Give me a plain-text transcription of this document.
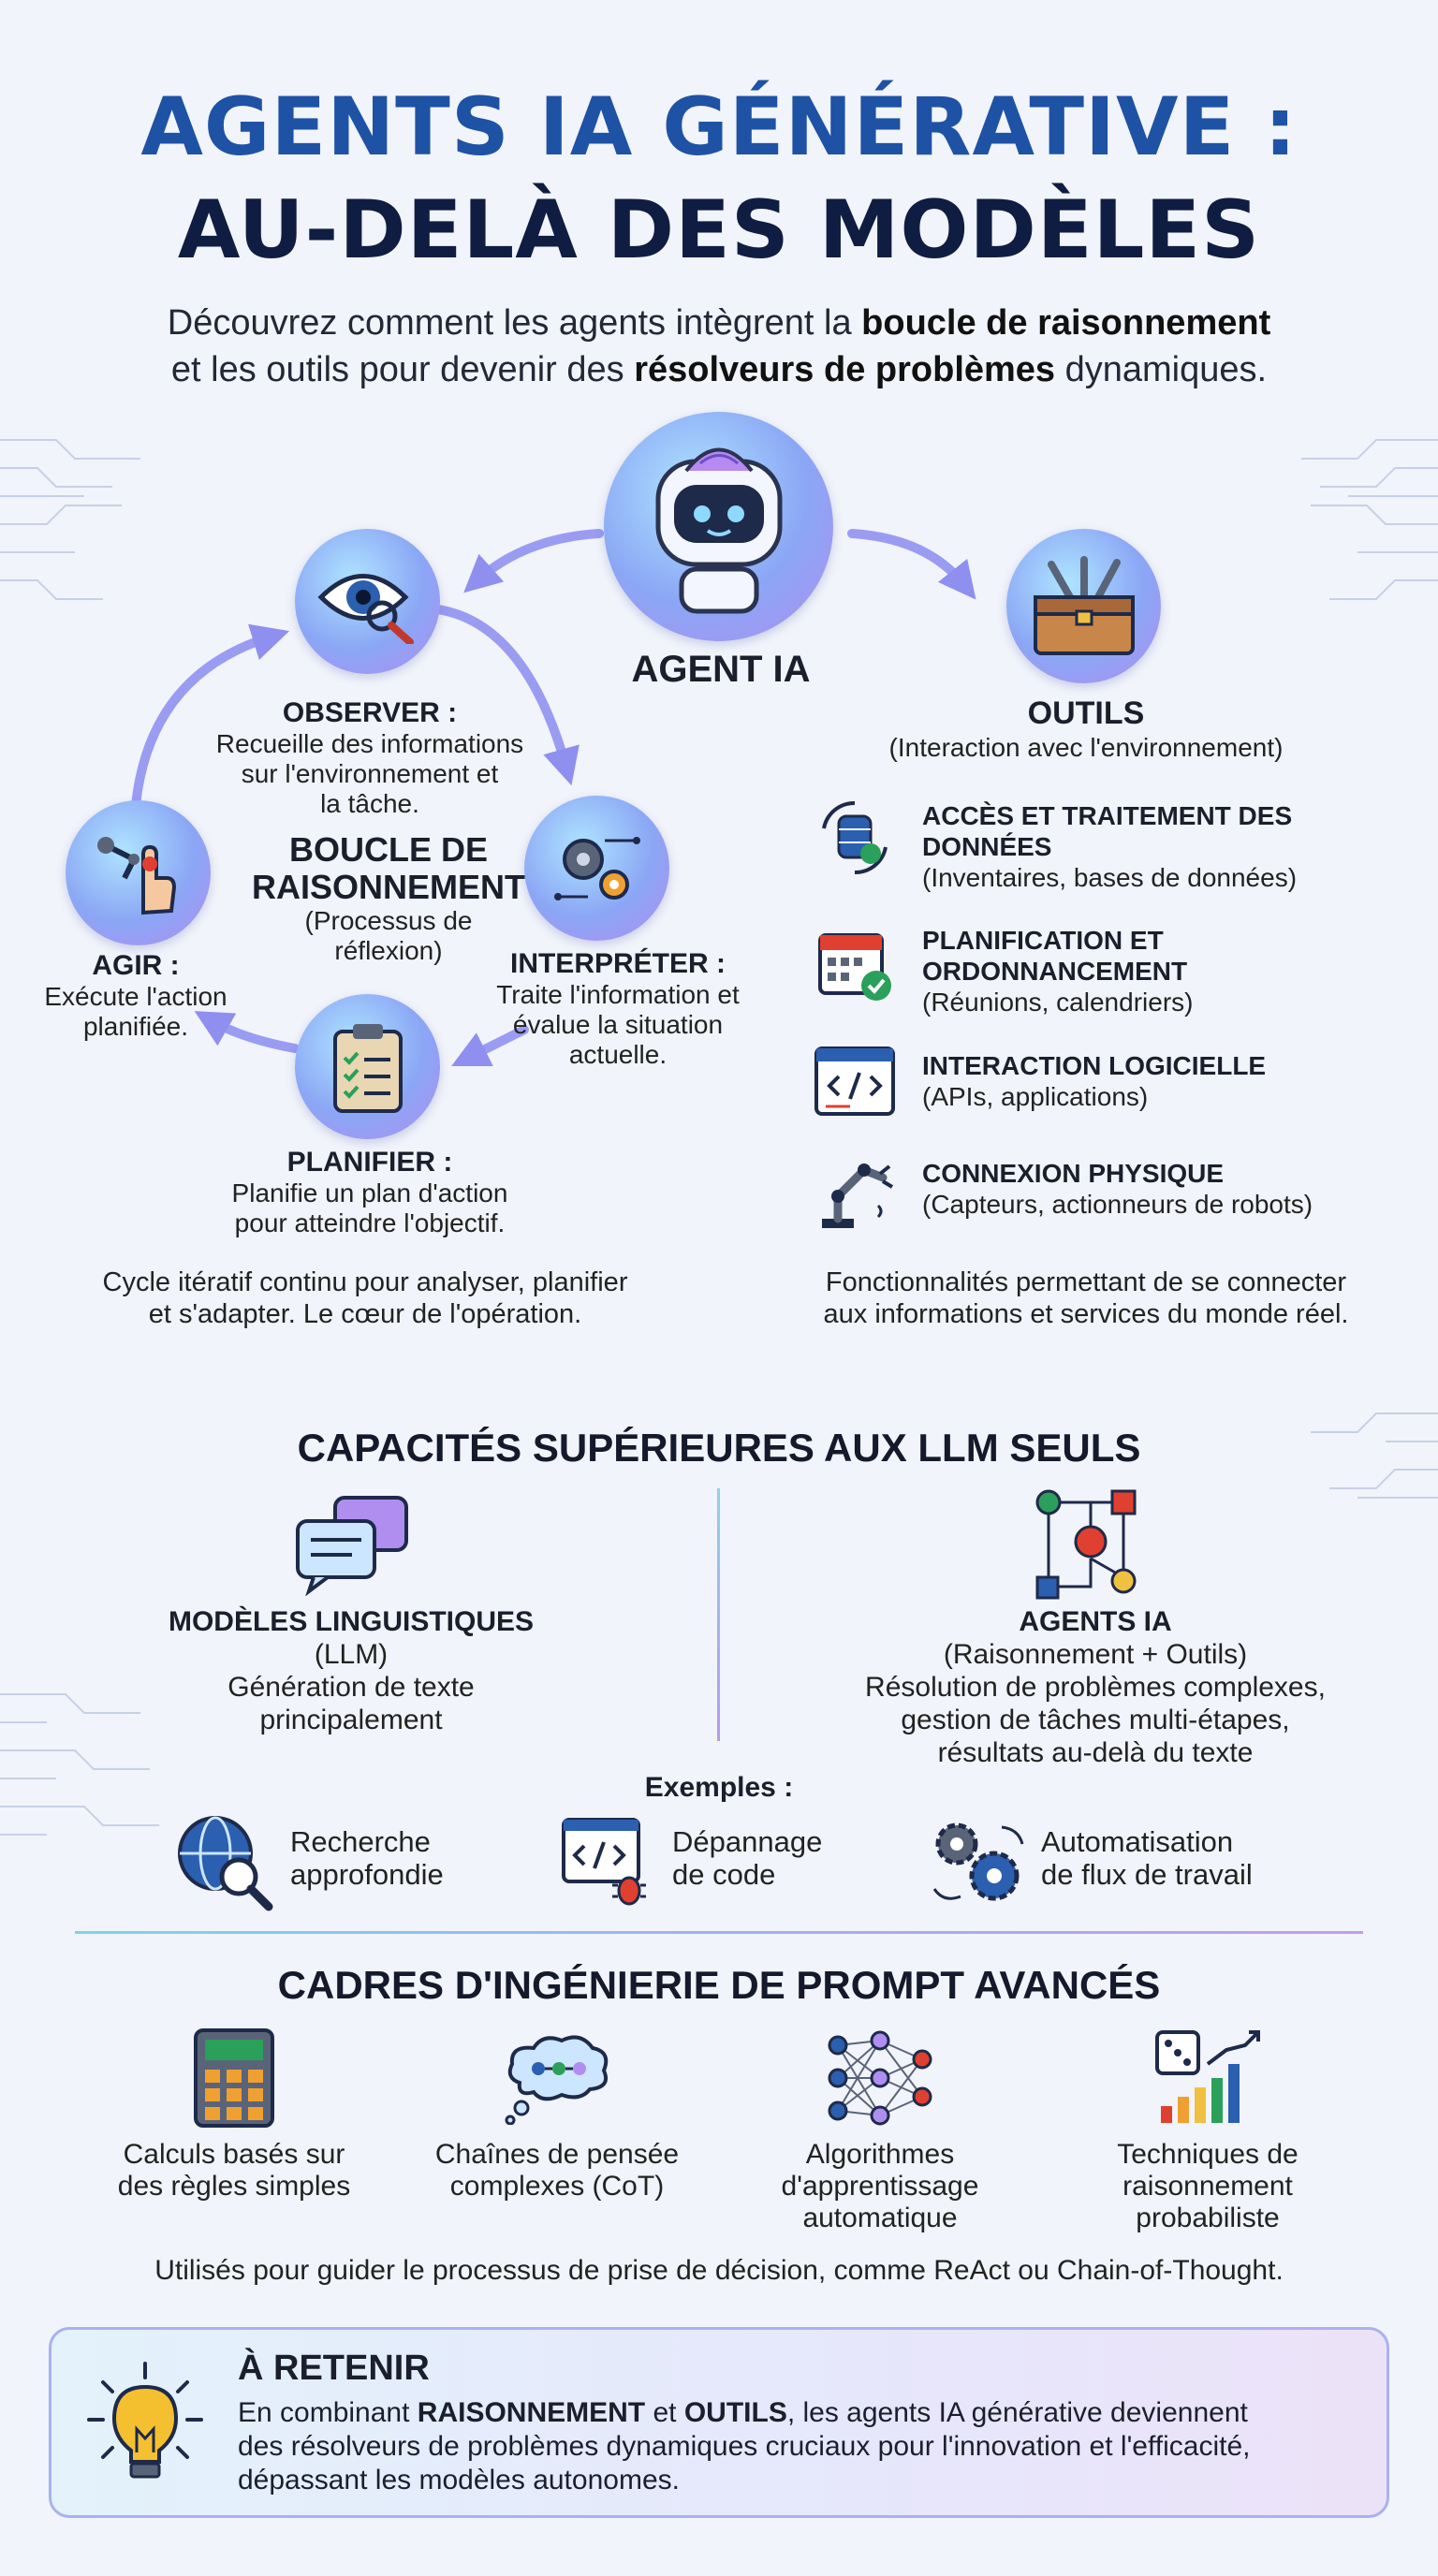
AGENTS IA GÉNÉRATIVE :
AU-DELÀ DES MODÈLES
Découvrez comment les agents intègrent la boucle de raisonnement
et les outils pour devenir des résolveurs de problèmes dynamiques.
AGENT IA
OBSERVER :
Recueille des informations
sur l'environnement et
la tâche.
BOUCLE DE
RAISONNEMENT
(Processus de
réflexion)	INTERPRÉTER :
Traite l'information et
évalue la situation
actuelle.
AGIR :
Exécute l'action
planifiée.
PLANIFIER :
Planifie un plan d'action
pour atteindre l'objectif.
Cycle itératif continu pour analyser, planifier
et s'adapter. Le cœur de l'opération.
OUTILS
(Interaction avec l'environnement)
ACCÈS ET TRAITEMENT DES
DONNÉES
(Inventaires, bases de données)
PLANIFICATION ET
ORDONNANCEMENT
(Réunions, calendriers)
INTERACTION LOGICIELLE
(APIs, applications)
CONNEXION PHYSIQUE
(Capteurs, actionneurs de robots)
Fonctionnalités permettant de se connecter
aux informations et services du monde réel.
CAPACITÉS SUPÉRIEURES AUX LLM SEULS
MODÈLES LINGUISTIQUES
(LLM)
Génération de texte
principalement
AGENTS IA
(Raisonnement + Outils)
Résolution de problèmes complexes,
gestion de tâches multi-étapes,
résultats au-delà du texte
Exemples :
Recherche
approfondie
Dépannage
de code
Automatisation
de flux de travail
CADRES D'INGÉNIERIE DE PROMPT AVANCÉS
Calculs basés sur
des règles simples
Chaînes de pensée
complexes (CoT)
Algorithmes
d'apprentissage
automatique
Techniques de
raisonnement
probabiliste
Utilisés pour guider le processus de prise de décision, comme ReAct ou Chain-of-Thought.
À RETENIR
En combinant RAISONNEMENT et OUTILS, les agents IA générative deviennent
des résolveurs de problèmes dynamiques cruciaux pour l'innovation et l'efficacité,
dépassant les modèles autonomes.
